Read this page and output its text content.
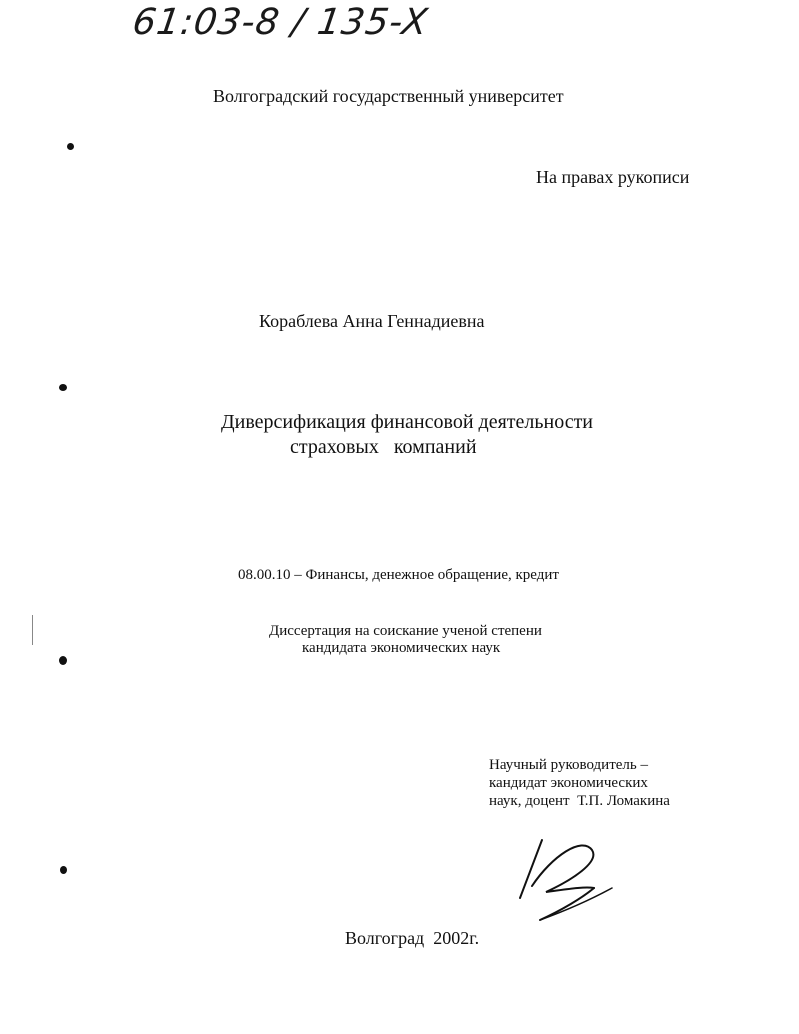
61:03-8 / 135-X
Волгоградский государственный университет
На правах рукописи
Кораблева Анна Геннадиевна
Диверсификация финансовой деятельности
страховых   компаний
08.00.10 – Финансы, денежное обращение, кредит
Диссертация на соискание ученой степени
кандидата экономических наук
Научный руководитель –
кандидат экономических
наук, доцент  Т.П. Ломакина
Волгоград  2002г.
